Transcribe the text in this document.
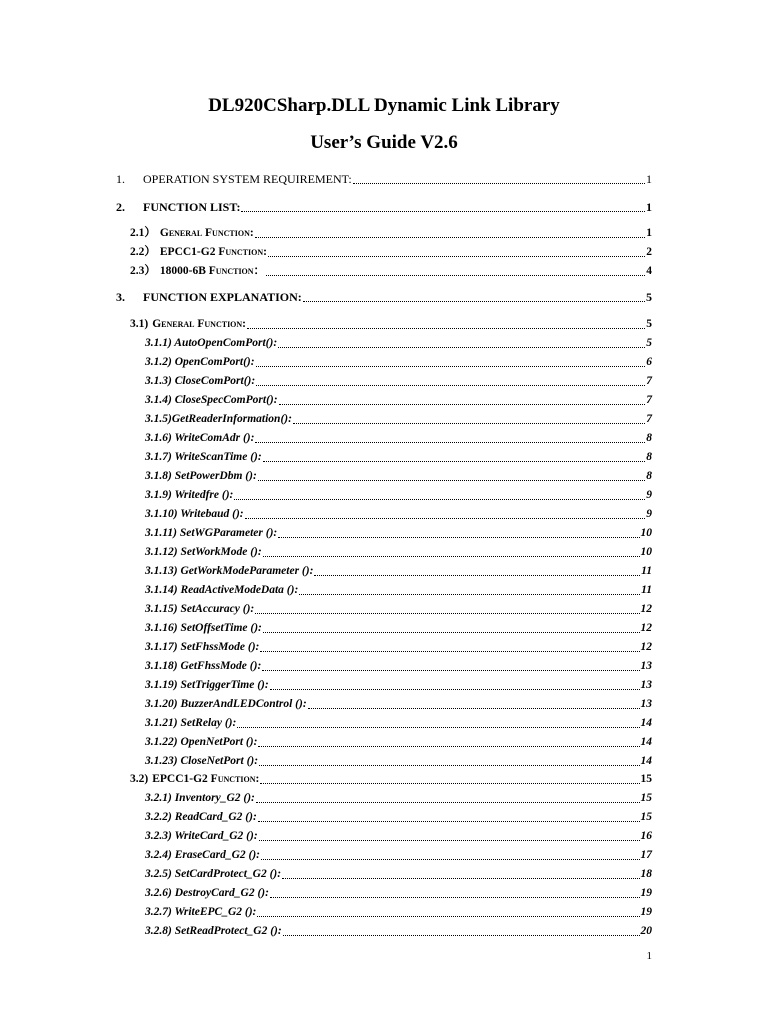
DL920CSharp.DLL Dynamic Link Library
User’s Guide V2.6
1.	OPERATION SYSTEM REQUIREMENT:	1
2.	FUNCTION LIST:	1
2.1） General Function:	1
2.2） EPCC1-G2 Function:	2
2.3） 18000-6B Function：	4
3.	FUNCTION EXPLANATION:	5
3.1) General Function:	5
3.1.1) AutoOpenComPort():	5
3.1.2) OpenComPort():	6
3.1.3) CloseComPort():	7
3.1.4) CloseSpecComPort():	7
3.1.5)GetReaderInformation():	7
3.1.6) WriteComAdr ():	8
3.1.7) WriteScanTime ():	8
3.1.8) SetPowerDbm ():	8
3.1.9) Writedfre ():	9
3.1.10) Writebaud ():	9
3.1.11) SetWGParameter ():	10
3.1.12) SetWorkMode ():	10
3.1.13) GetWorkModeParameter ():	11
3.1.14) ReadActiveModeData ():	11
3.1.15) SetAccuracy ():	12
3.1.16) SetOffsetTime ():	12
3.1.17) SetFhssMode ():	12
3.1.18) GetFhssMode ():	13
3.1.19) SetTriggerTime ():	13
3.1.20) BuzzerAndLEDControl ():	13
3.1.21) SetRelay ():	14
3.1.22) OpenNetPort ():	14
3.1.23) CloseNetPort ():	14
3.2) EPCC1-G2 Function:	15
3.2.1) Inventory_G2 ():	15
3.2.2) ReadCard_G2 ():	15
3.2.3) WriteCard_G2 ():	16
3.2.4) EraseCard_G2 ():	17
3.2.5) SetCardProtect_G2 ():	18
3.2.6) DestroyCard_G2 ():	19
3.2.7) WriteEPC_G2 ():	19
3.2.8) SetReadProtect_G2 ():	20
1
